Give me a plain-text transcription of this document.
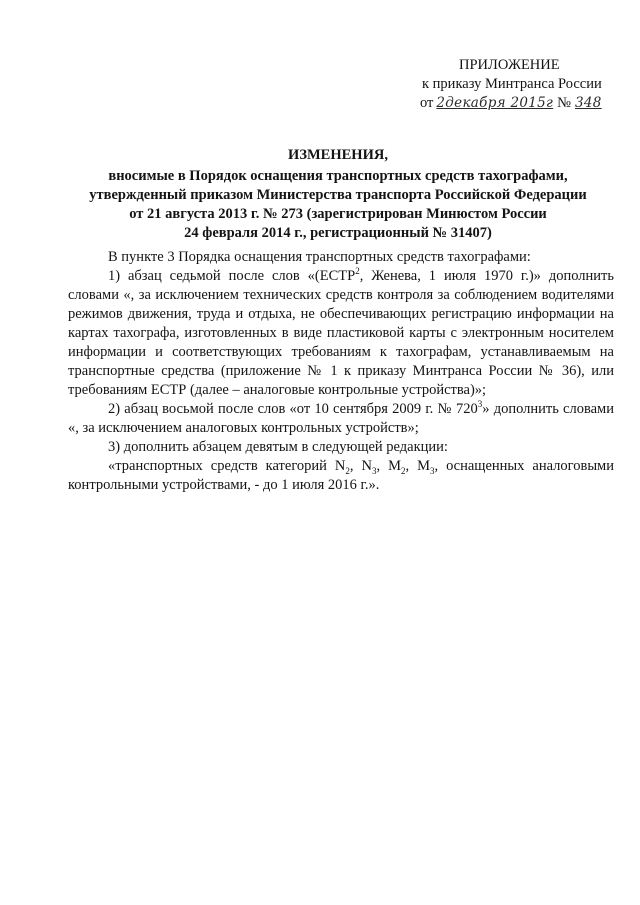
ПРИЛОЖЕНИЕ
к приказу Минтранса России
от 2декабря 2015г № 348
ИЗМЕНЕНИЯ,
вносимые в Порядок оснащения транспортных средств тахографами,
утвержденный приказом Министерства транспорта Российской Федерации
от 21 августа 2013 г. № 273 (зарегистрирован Минюстом России
24 февраля 2014 г., регистрационный № 31407)

В пункте 3 Порядка оснащения транспортных средств тахографами:

1) абзац седьмой после слов «(ЕСТР$^2$, Женева, 1 июля 1970 г.)» дополнить словами «, за исключением технических средств контроля за соблюдением водителями режимов движения, труда и отдыха, не обеспечивающих регистрацию информации на картах тахографа, изготовленных в виде пластиковой карты с электронным носителем информации и соответствующих требованиям к тахографам, устанавливаемым на транспортные средства (приложение № 1 к приказу Минтранса России № 36), или требованиям ЕСТР (далее – аналоговые контрольные устройства)»;

2) абзац восьмой после слов «от 10 сентября 2009 г. № $720^3$» дополнить словами «, за исключением аналоговых контрольных устройств»;

3) дополнить абзацем девятым в следующей редакции:

«транспортных средств категорий $N_2$, $N_3$, $M_2$, $M_3$, оснащенных аналоговыми контрольными устройствами, - до 1 июля 2016 г.».
